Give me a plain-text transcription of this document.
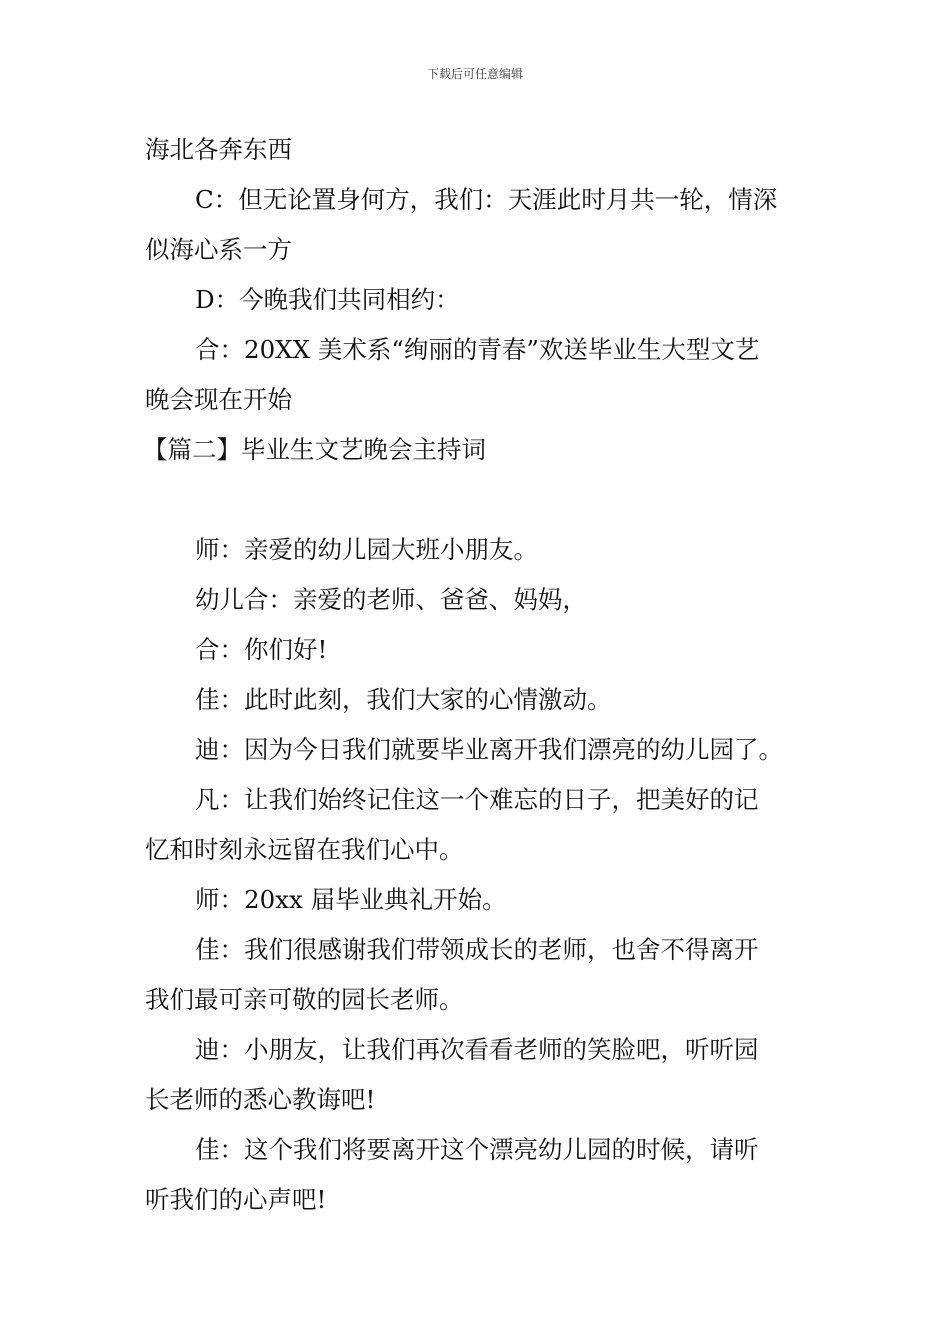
下载后可任意编辑

海北各奔东西

C：但无论置身何方，我们：天涯此时月共一轮，情深

似海心系一方

D：今晚我们共同相约：

合：20XX 美术系“绚丽的青春”欢送毕业生大型文艺

晚会现在开始

【篇二】毕业生文艺晚会主持词

师：亲爱的幼儿园大班小朋友。

幼儿合：亲爱的老师、爸爸、妈妈，

合：你们好!

佳：此时此刻，我们大家的心情激动。

迪：因为今日我们就要毕业离开我们漂亮的幼儿园了。

凡：让我们始终记住这一个难忘的日子，把美好的记

忆和时刻永远留在我们心中。

师：20xx 届毕业典礼开始。

佳：我们很感谢我们带领成长的老师，也舍不得离开

我们最可亲可敬的园长老师。

迪：小朋友，让我们再次看看老师的笑脸吧，听听园

长老师的悉心教诲吧!

佳：这个我们将要离开这个漂亮幼儿园的时候，请听

听我们的心声吧!
